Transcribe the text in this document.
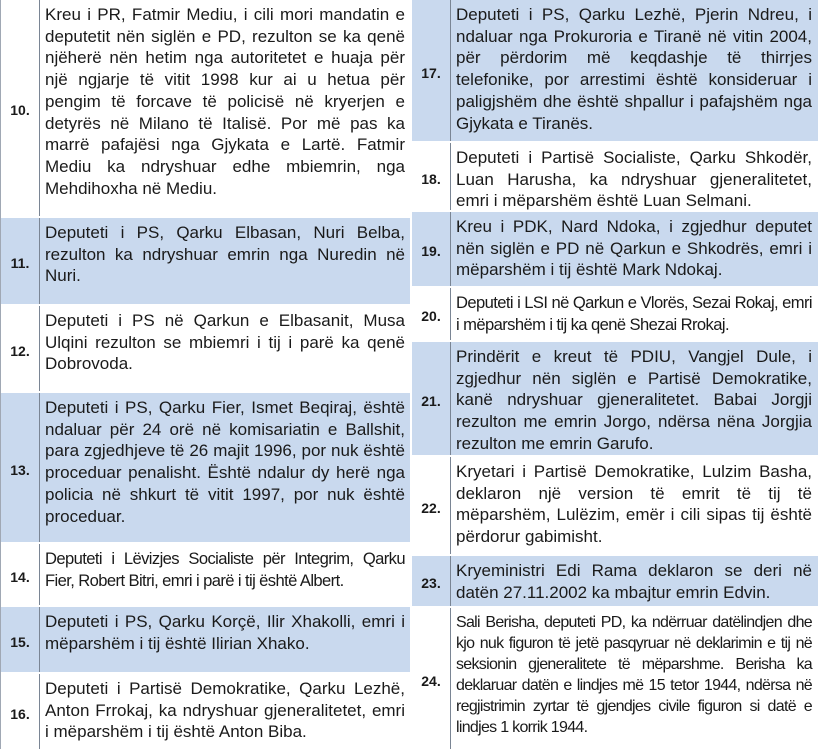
10.
Kreu i PR, Fatmir Mediu, i cili mori mandatin e deputetit nën siglën e PD, rezulton se ka qenë njëherë nën hetim nga autoritetet e huaja për një ngjarje të vitit 1998 kur ai u hetua për pengim të forcave të policisë në kryerjen e detyrës në Milano të Italisë. Por më pas ka marrë pafajësi nga Gjykata e Lartë. Fatmir Mediu ka ndryshuar edhe mbiemrin, nga Mehdihoxha në Mediu.
11.
Deputeti i PS, Qarku Elbasan, Nuri Belba, rezulton ka ndryshuar emrin nga Nuredin në Nuri.
12.
Deputeti i PS në Qarkun e Elbasanit, Musa Ulqini rezulton se mbiemri i tij i parë ka qenë Dobrovoda.
13.
Deputeti i PS, Qarku Fier, Ismet Beqiraj, është ndaluar për 24 orë në komisariatin e Ballshit, para zgjedhjeve të 26 majit 1996, por nuk është proceduar penalisht. Është ndalur dy herë nga policia në shkurt të vitit 1997, por nuk është proceduar.
14.
Deputeti i Lëvizjes Socialiste për Integrim, Qarku Fier, Robert Bitri, emri i parë i tij është Albert.
15.
Deputeti i PS, Qarku Korçë, Ilir Xhakolli, emri i mëparshëm i tij është Ilirian Xhako.
16.
Deputeti i Partisë Demokratike, Qarku Lezhë, Anton Frrokaj, ka ndryshuar gjeneralitetet, emri i mëparshëm i tij është Anton Biba.
17.
Deputeti i PS, Qarku Lezhë, Pjerin Ndreu, i ndaluar nga Prokuroria e Tiranë në vitin 2004, për përdorim më keqdashje të thirrjes telefonike, por arrestimi është konsideruar i paligjshëm dhe është shpallur i pafajshëm nga Gjykata e Tiranës.
18.
Deputeti i Partisë Socialiste, Qarku Shkodër, Luan Harusha, ka ndryshuar gjeneralitetet, emri i mëparshëm është Luan Selmani.
19.
Kreu i PDK, Nard Ndoka, i zgjedhur deputet nën siglën e PD në Qarkun e Shkodrës, emri i mëparshëm i tij është Mark Ndokaj.
20.
Deputeti i LSI në Qarkun e Vlorës, Sezai Rokaj, emri i mëparshëm i tij ka qenë Shezai Rrokaj.
21.
Prindërit e kreut të PDIU, Vangjel Dule, i zgjedhur nën siglën e Partisë Demokratike, kanë ndryshuar gjeneralitetet. Babai Jorgji rezulton me emrin Jorgo, ndërsa nëna Jorgjia rezulton me emrin Garufo.
22.
Kryetari i Partisë Demokratike, Lulzim Basha, deklaron një version të emrit të tij të mëparshëm, Lulëzim, emër i cili sipas tij është përdorur gabimisht.
23.
Kryeministri Edi Rama deklaron se deri në datën 27.11.2002 ka mbajtur emrin Edvin.
24.
Sali Berisha, deputeti PD, ka ndërruar datëlindjen dhe kjo nuk figuron të jetë pasqyruar në deklarimin e tij në seksionin gjeneralitete të mëparshme. Berisha ka deklaruar datën e lindjes më 15 tetor 1944, ndërsa në regjistrimin zyrtar të gjendjes civile figuron si datë e lindjes 1 korrik 1944.
